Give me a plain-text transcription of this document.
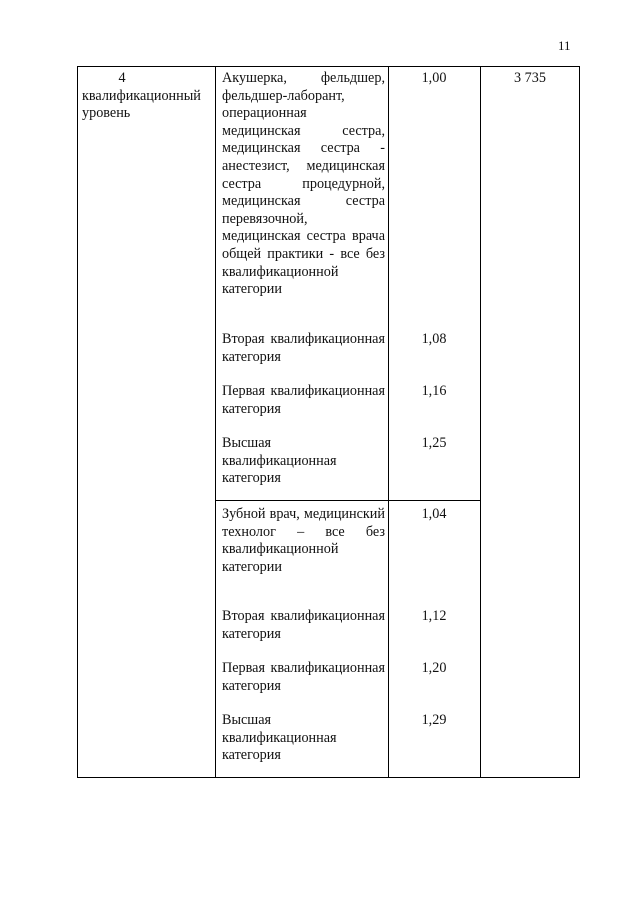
11
4
квалификационный уровень
3 735
Акушерка, фельдшер, фельдшер-лаборант, операционная медицинская сестра, медицинская сестра - анестезист, медицинская сестра процедурной, медицинская сестра перевязочной, медицинская сестра врача общей практики - все без квалификационной категории
1,00
Вторая квалификационная категория
1,08
Первая квалификационная категория
1,16
Высшая квалификационная категория
1,25
Зубной врач, медицинский технолог – все без квалификационной категории
1,04
Вторая квалификационная категория
1,12
Первая квалификационная категория
1,20
Высшая квалификационная категория
1,29
